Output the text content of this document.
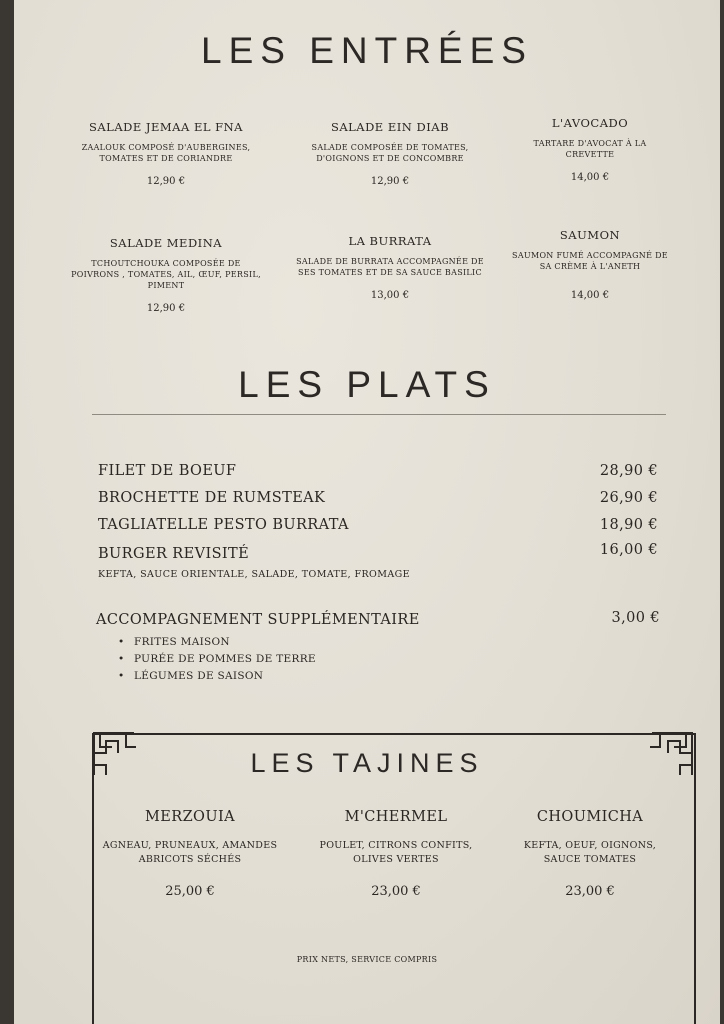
LES ENTRÉES
SALADE JEMAA EL FNA
ZAALOUK COMPOSÉ D'AUBERGINES, TOMATES ET DE CORIANDRE
12,90 €
SALADE EIN DIAB
SALADE COMPOSÉE DE TOMATES, D'OIGNONS ET DE CONCOMBRE
12,90 €
L'AVOCADO
TARTARE D'AVOCAT À LA CREVETTE
14,00 €
SALADE MEDINA
TCHOUTCHOUKA COMPOSÉE DE POIVRONS , TOMATES, AIL, ŒUF, PERSIL, PIMENT
12,90 €
LA BURRATA
SALADE DE BURRATA ACCOMPAGNÉE DE SES TOMATES ET DE SA SAUCE BASILIC
13,00 €
SAUMON
SAUMON FUMÉ ACCOMPAGNÉ DE SA CRÈME À L'ANETH
14,00 €
LES PLATS
FILET DE BOEUF	28,90 €
BROCHETTE DE RUMSTEAK	26,90 €
TAGLIATELLE PESTO BURRATA	18,90 €
BURGER REVISITÉ	16,00 €
KEFTA, SAUCE ORIENTALE, SALADE, TOMATE, FROMAGE
ACCOMPAGNEMENT SUPPLÉMENTAIRE	3,00 €
• FRITES MAISON
• PURÉE DE POMMES DE TERRE
• LÉGUMES DE SAISON
LES TAJINES
MERZOUIA
AGNEAU, PRUNEAUX, AMANDES
ABRICOTS SÉCHÉS
25,00 €
M'CHERMEL
POULET, CITRONS CONFITS,
OLIVES VERTES
23,00 €
CHOUMICHA
KEFTA, OEUF, OIGNONS,
SAUCE TOMATES
23,00 €
PRIX NETS, SERVICE COMPRIS
